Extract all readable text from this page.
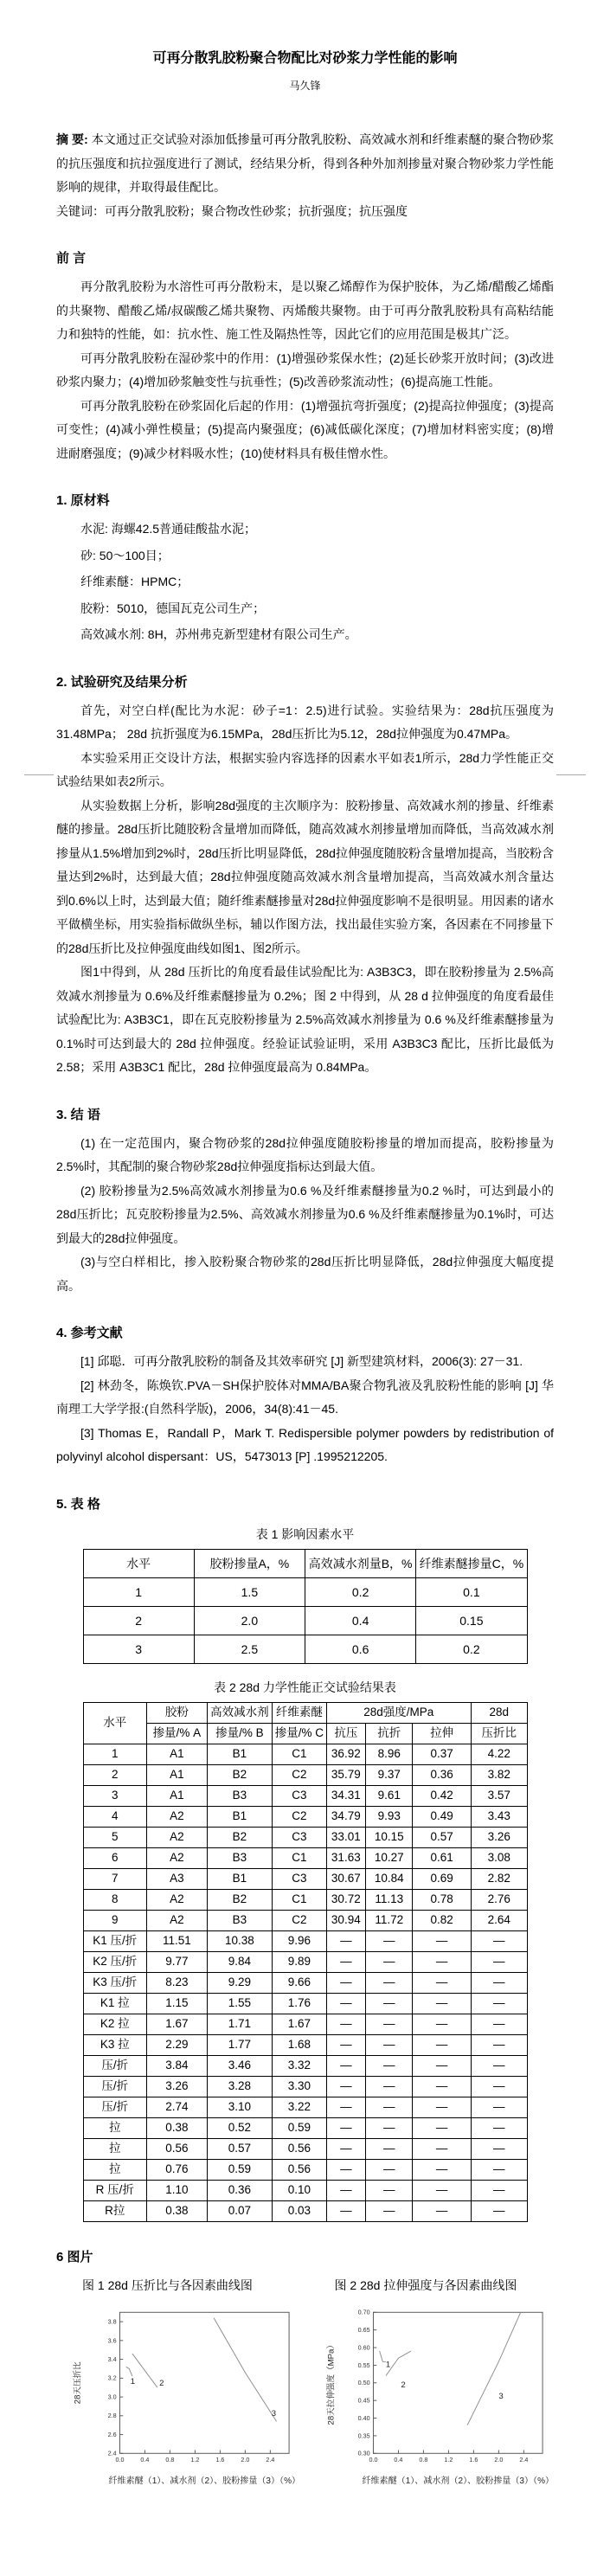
可再分散乳胶粉聚合物配比对砂浆力学性能的影响
马久锋

摘 要: 本文通过正交试验对添加低掺量可再分散乳胶粉、高效减水剂和纤维素醚的聚合物砂浆的抗压强度和抗拉强度进行了测试，经结果分析，得到各种外加剂掺量对聚合物砂浆力学性能影响的规律，并取得最佳配比。

关键词：可再分散乳胶粉；聚合物改性砂浆；抗折强度；抗压强度

前 言

再分散乳胶粉为水溶性可再分散粉末，是以聚乙烯醇作为保护胶体，为乙烯/醋酸乙烯酯的共聚物、醋酸乙烯/叔碳酸乙烯共聚物、丙烯酸共聚物。由于可再分散乳胶粉具有高粘结能力和独特的性能，如：抗水性、施工性及隔热性等，因此它们的应用范围是极其广泛。

可再分散乳胶粉在湿砂浆中的作用：(1)增强砂浆保水性；(2)延长砂浆开放时间；(3)改进砂浆内聚力；(4)增加砂浆触变性与抗垂性；(5)改善砂浆流动性；(6)提高施工性能。

可再分散乳胶粉在砂浆固化后起的作用：(1)增强抗弯折强度；(2)提高拉伸强度；(3)提高可变性；(4)减小弹性模量；(5)提高内聚强度；(6)减低碳化深度；(7)增加材料密实度；(8)增进耐磨强度；(9)减少材料吸水性；(10)使材料具有极佳憎水性。

1. 原材料

水泥: 海螺42.5普通硅酸盐水泥；

砂: 50～100目；

纤维素醚：HPMC；

胶粉：5010，德国瓦克公司生产；

高效减水剂: 8H，苏州弗克新型建材有限公司生产。

2. 试验研究及结果分析

首先，对空白样(配比为水泥：砂子=1：2.5)进行试验。实验结果为：28d抗压强度为31.48MPa； 28d 抗折强度为6.15MPa，28d压折比为5.12，28d拉伸强度为0.47MPa。

本实验采用正交设计方法，根据实验内容选择的因素水平如表1所示，28d力学性能正交试验结果如表2所示。

从实验数据上分析，影响28d强度的主次顺序为：胶粉掺量、高效减水剂的掺量、纤维素醚的掺量。28d压折比随胶粉含量增加而降低，随高效减水剂掺量增加而降低，当高效减水剂掺量从1.5%增加到2%时，28d压折比明显降低，28d拉伸强度随胶粉含量增加提高，当胶粉含量达到2%时，达到最大值；28d拉伸强度随高效减水剂含量增加提高，当高效减水剂含量达到0.6%以上时，达到最大值；随纤维素醚掺量对28d拉伸强度影响不是很明显。用因素的诸水平做横坐标，用实验指标做纵坐标，辅以作图方法，找出最佳实验方案，各因素在不同掺量下的28d压折比及拉伸强度曲线如图1、图2所示。

图1中得到，从 28d 压折比的角度看最佳试验配比为: A3B3C3，即在胶粉掺量为 2.5%高效减水剂掺量为 0.6%及纤维素醚掺量为 0.2%；图 2 中得到，从 28 d 拉伸强度的角度看最佳试验配比为: A3B3C1，即在瓦克胶粉掺量为 2.5%高效减水剂掺量为 0.6 %及纤维素醚掺量为 0.1%时可达到最大的 28d 拉伸强度。经验证试验证明，采用 A3B3C3 配比，压折比最低为 2.58；采用 A3B3C1 配比，28d 拉伸强度最高为 0.84MPa。

3. 结 语

(1) 在一定范围内，聚合物砂浆的28d拉伸强度随胶粉掺量的增加而提高，胶粉掺量为2.5%时，其配制的聚合物砂浆28d拉伸强度指标达到最大值。

(2) 胶粉掺量为2.5%高效减水剂掺量为0.6 %及纤维素醚掺量为0.2 %时，可达到最小的28d压折比；瓦克胶粉掺量为2.5%、高效减水剂掺量为0.6 %及纤维素醚掺量为0.1%时，可达到最大的28d拉伸强度。

(3)与空白样相比，掺入胶粉聚合物砂浆的28d压折比明显降低，28d拉伸强度大幅度提高。

4. 参考文献

[1] 邱聪．可再分散乳胶粉的制备及其效率研究 [J] 新型建筑材料，2006(3): 27－31.

[2] 林劲冬，陈焕钦.PVA－SH保护胶体对MMA/BA聚合物乳液及乳胶粉性能的影响 [J] 华南理工大学学报:(自然科学版)，2006，34(8):41－45.

[3] Thomas E，Randall P，Mark T. Redispersible polymer powders by redistribution of polyvinyl alcohol dispersant：US，5473013 [P] .1995212205.

5. 表 格
表 1 影响因素水平
水平	胶粉掺量A，%	高效减水剂量B，%	纤维素醚掺量C，%
1	1.5	0.2	0.1
2	2.0	0.4	0.15
3	2.5	0.6	0.2
表 2 28d 力学性能正交试验结果表
水平	胶粉	高效减水剂	纤维素醚	28d强度/MPa			28d
	掺量/% A	掺量/% B	掺量/% C	抗压	抗折	拉伸	压折比
1	A1	B1	C1	36.92	8.96	0.37	4.22
2	A1	B2	C2	35.79	9.37	0.36	3.82
3	A1	B3	C3	34.31	9.61	0.42	3.57
4	A2	B1	C2	34.79	9.93	0.49	3.43
5	A2	B2	C3	33.01	10.15	0.57	3.26
6	A2	B3	C1	31.63	10.27	0.61	3.08
7	A3	B1	C3	30.67	10.84	0.69	2.82
8	A2	B2	C1	30.72	11.13	0.78	2.76
9	A2	B3	C2	30.94	11.72	0.82	2.64
K1 压/折	11.51	10.38	9.96	—	—	—	—
K2 压/折	9.77	9.84	9.89	—	—	—	—
K3 压/折	8.23	9.29	9.66	—	—	—	—
K1 拉	1.15	1.55	1.76	—	—	—	—
K2 拉	1.67	1.71	1.67	—	—	—	—
K3 拉	2.29	1.77	1.68	—	—	—	—
压/折	3.84	3.46	3.32	—	—	—	—
压/折	3.26	3.28	3.30	—	—	—	—
压/折	2.74	3.10	3.22	—	—	—	—
拉	0.38	0.52	0.59	—	—	—	—
拉	0.56	0.57	0.56	—	—	—	—
拉	0.76	0.59	0.56	—	—	—	—
R 压/折	1.10	0.36	0.10	—	—	—	—
R拉	0.38	0.07	0.03	—	—	—	—
6 图片
图 1 28d 压折比与各因素曲线图	图 2 28d 拉伸强度与各因素曲线图
2.4
2.6
2.8
3.0
3.2
3.4
3.6
3.8
0.0	0.4	0.8	1.2	1.6	2.0	2.4
1	2
3
纤维素醚（1）、减水剂（2）、胶粉掺量（3）（%）
28天压折比
0.30
0.35
0.40
0.45
0.50
0.55
0.60
0.65
0.70
0.0	0.4	0.8	1.2	1.6	2.0	2.4
1
2
3
纤维素醚（1）、减水剂（2）、胶粉掺量（3）（%）
28天拉伸强度（MPa）
